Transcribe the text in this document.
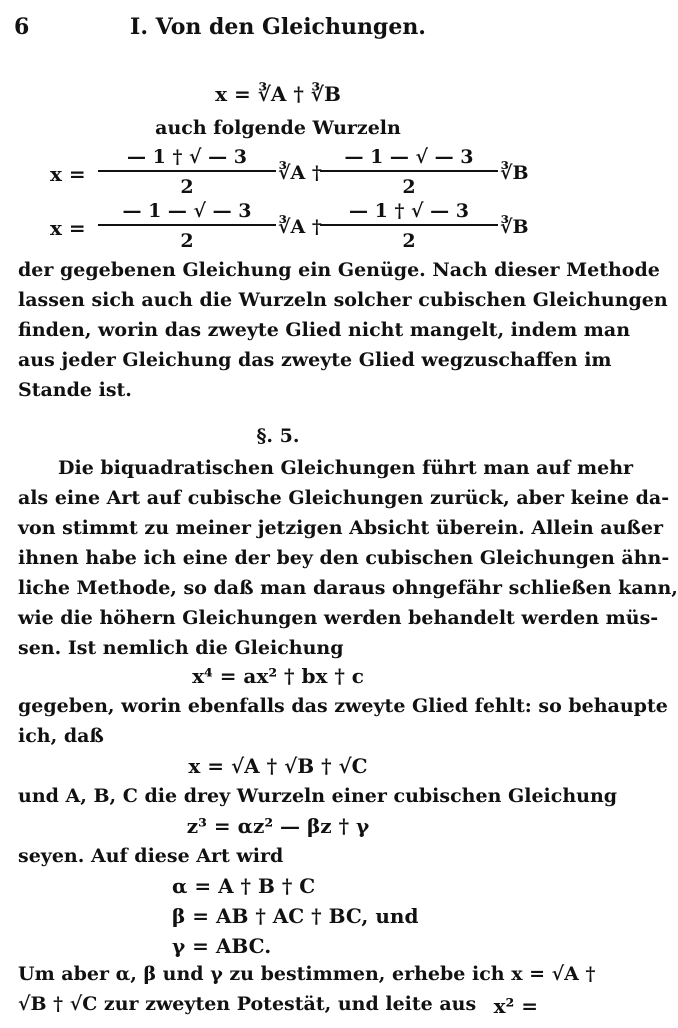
6	I. Von den Gleichungen.
x = ∛A † ∛B
auch folgende Wurzeln
$x = \frac{— 1 \dagger √ — 3}{2}$ ∛A †
$\frac{— 1 — √ — 3}{2}$ ∛B
$x = \frac{— 1 — √ — 3}{2}$ ∛A †
$\frac{— 1 \dagger √ — 3}{2}$ ∛B
der gegebenen Gleichung ein Genüge. Nach dieser Methode
lassen sich auch die Wurzeln solcher cubischen Gleichungen
finden, worin das zweyte Glied nicht mangelt, indem man
aus jeder Gleichung das zweyte Glied wegzuschaffen im
Stande ist.
§. 5.
Die biquadratischen Gleichungen führt man auf mehr
als eine Art auf cubische Gleichungen zurück, aber keine da-
von stimmt zu meiner jetzigen Absicht überein. Allein außer
ihnen habe ich eine der bey den cubischen Gleichungen ähn-
liche Methode, so daß man daraus ohngefähr schließen kann,
wie die höhern Gleichungen werden behandelt werden müs-
sen. Ist nemlich die Gleichung
x⁴ = ax² † bx † c
gegeben, worin ebenfalls das zweyte Glied fehlt: so behaupte
ich, daß
x = √A † √B † √C
und A, B, C die drey Wurzeln einer cubischen Gleichung
z³ = αz² — βz † γ
seyen. Auf diese Art wird
α = A † B † C
β = AB † AC † BC, und
γ = ABC.
Um aber α, β und γ zu bestimmen, erhebe ich x = √A †
√B † √C zur zweyten Potestät, und leite aus x² =
